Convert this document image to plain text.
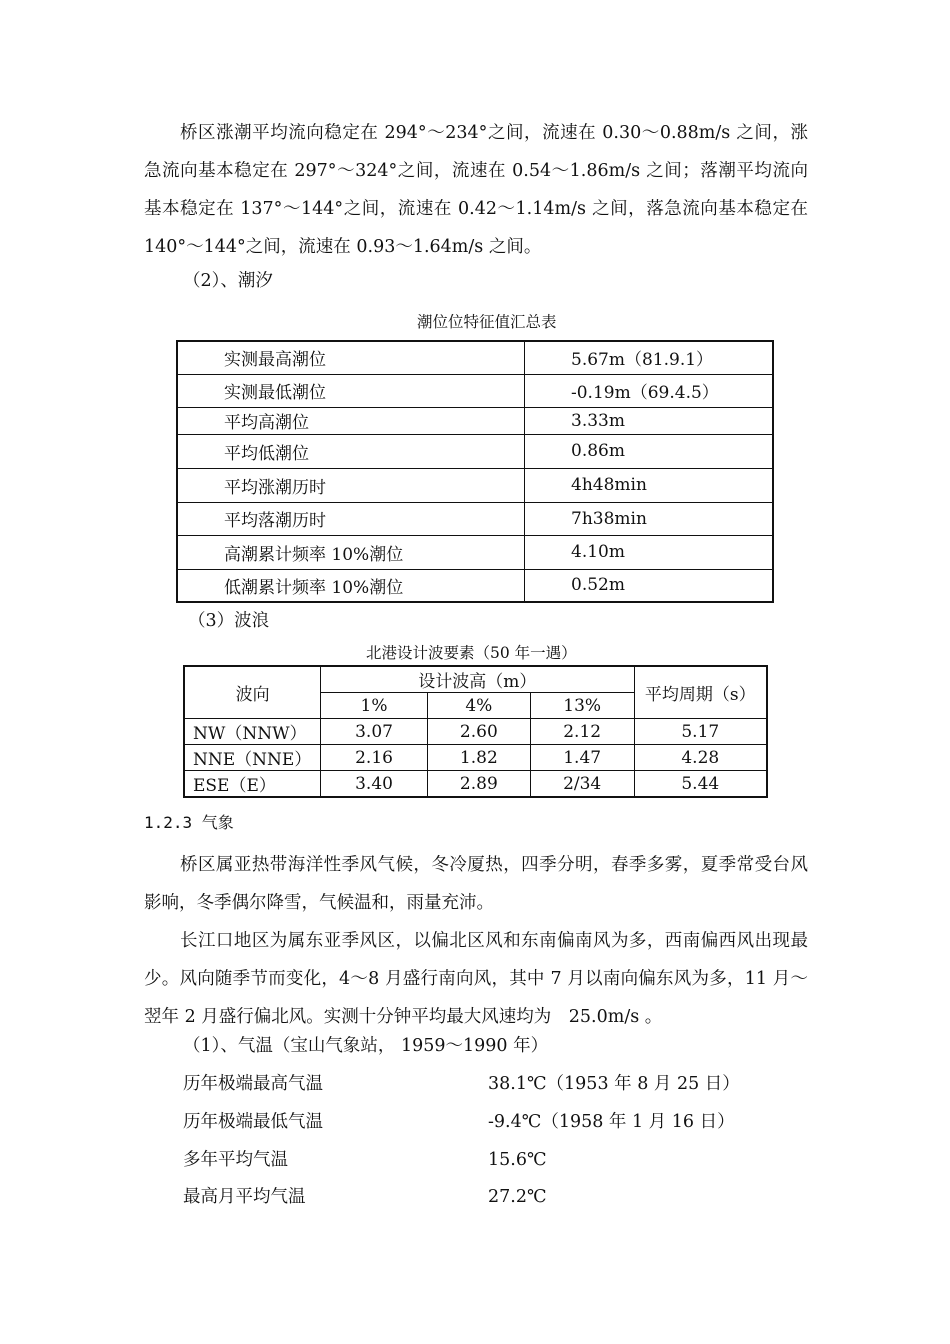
桥区涨潮平均流向稳定在 294°～234°之间，流速在 0.30～0.88m/s 之间，涨急流向基本稳定在 297°～324°之间，流速在 0.54～1.86m/s 之间；落潮平均流向基本稳定在 137°～144°之间，流速在 0.42～1.14m/s 之间，落急流向基本稳定在 140°～144°之间，流速在 0.93～1.64m/s 之间。

（2）、潮汐

潮位位特征值汇总表

实测最高潮位	5.67m（81.9.1）
实测最低潮位	-0.19m（69.4.5）
平均高潮位	3.33m
平均低潮位	0.86m
平均涨潮历时	4h48min
平均落潮历时	7h38min
高潮累计频率 10%潮位	4.10m
低潮累计频率 10%潮位	0.52m

（3）波浪

北港设计波要素（50 年一遇）

波向	设计波高（m）			平均周期（s）
	1%	4%	13%	
NW（NNW）	3.07	2.60	2.12	5.17
NNE（NNE）	2.16	1.82	1.47	4.28
ESE（E）	3.40	2.89	2/34	5.44

1.2.3 气象

桥区属亚热带海洋性季风气候，冬冷厦热，四季分明，春季多雾，夏季常受台风影响，冬季偶尔降雪，气候温和，雨量充沛。

长江口地区为属东亚季风区，以偏北区风和东南偏南风为多，西南偏西风出现最少。风向随季节而变化，4～8 月盛行南向风，其中 7 月以南向偏东风为多，11 月～翌年 2 月盛行偏北风。实测十分钟平均最大风速均为　25.0m/s 。

（1）、气温（宝山气象站， 1959～1990 年）

历年极端最高气温	38.1℃（1953 年 8 月 25 日）

历年极端最低气温	-9.4℃（1958 年 1 月 16 日）

多年平均气温	15.6℃

最高月平均气温	27.2℃
